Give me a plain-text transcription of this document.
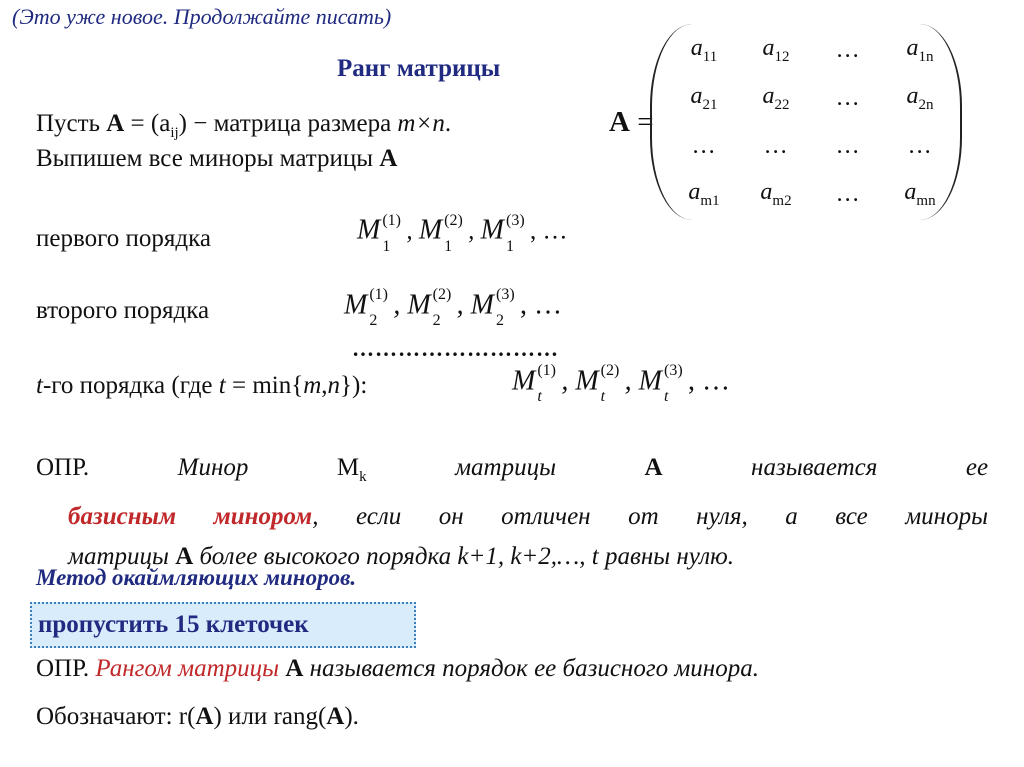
(Это уже новое. Продолжайте писать)
Ранг матрицы
Пусть $A = (a_{ij})$ − матрица размера m×n.
Выпишем все миноры матрицы A
A =
$a_{11}$	$a_{12}$	…	$a_{1n}$
$a_{21}$	$a_{22}$	…	$a_{2n}$
…	…	…	…
$a_{m1}$	$a_{m2}$	…	$a_{mn}$
первого порядка	M (1)
1
, M (2)
1
, M (3)
1
, …
второго порядка	M (1)
2
, M (2)
2
, M (3)
2
, …
………………………
t-го порядка (где t = min{m,n}):	M (1)
t
, M (2)
t
, M (3)
t
, …
ОПР.	Минор	$M_k$	матрицы	A	называется	ее
базисным минором, если он отличен от нуля, а все миноры
матрицы A более высокого порядка k+1, k+2,…, t равны нулю.
Метод окаймляющих миноров.
пропустить 15 клеточек
ОПР. Рангом матрицы A называется порядок ее базисного минора.
Обозначают: r(A) или rang(A).
